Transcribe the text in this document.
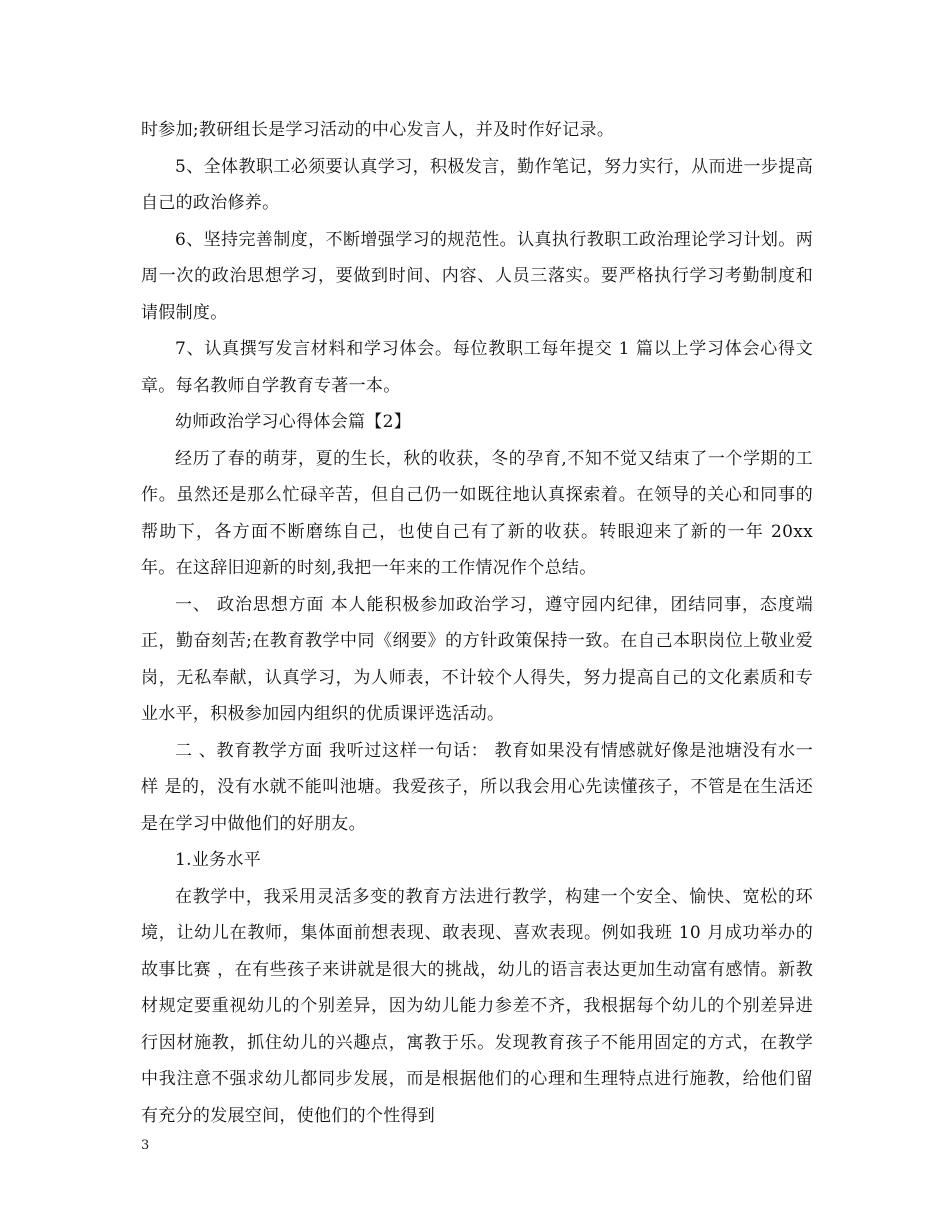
时参加;教研组长是学习活动的中心发言人，并及时作好记录。

5、全体教职工必须要认真学习，积极发言，勤作笔记，努力实行，从而进一步提高自己的政治修养。

6、坚持完善制度，不断增强学习的规范性。认真执行教职工政治理论学习计划。两周一次的政治思想学习，要做到时间、内容、人员三落实。要严格执行学习考勤制度和请假制度。

7、认真撰写发言材料和学习体会。每位教职工每年提交 1 篇以上学习体会心得文章。每名教师自学教育专著一本。

幼师政治学习心得体会篇【2】

经历了春的萌芽，夏的生长，秋的收获，冬的孕育,不知不觉又结束了一个学期的工作。虽然还是那么忙碌辛苦，但自己仍一如既往地认真探索着。在领导的关心和同事的帮助下，各方面不断磨练自己，也使自己有了新的收获。转眼迎来了新的一年 20xx 年。在这辞旧迎新的时刻,我把一年来的工作情况作个总结。

一、 政治思想方面 本人能积极参加政治学习，遵守园内纪律，团结同事，态度端正，勤奋刻苦;在教育教学中同《纲要》的方针政策保持一致。在自己本职岗位上敬业爱岗，无私奉献，认真学习，为人师表，不计较个人得失，努力提高自己的文化素质和专业水平，积极参加园内组织的优质课评选活动。

二 、教育教学方面 我听过这样一句话： 教育如果没有情感就好像是池塘没有水一样 是的，没有水就不能叫池塘。我爱孩子，所以我会用心先读懂孩子，不管是在生活还是在学习中做他们的好朋友。

1.业务水平

在教学中，我采用灵活多变的教育方法进行教学，构建一个安全、愉快、宽松的环境，让幼儿在教师，集体面前想表现、敢表现、喜欢表现。例如我班 10 月成功举办的 故事比赛 ，在有些孩子来讲就是很大的挑战，幼儿的语言表达更加生动富有感情。新教材规定要重视幼儿的个别差异，因为幼儿能力参差不齐，我根据每个幼儿的个别差异进行因材施教，抓住幼儿的兴趣点，寓教于乐。发现教育孩子不能用固定的方式，在教学中我注意不强求幼儿都同步发展，而是根据他们的心理和生理特点进行施教，给他们留有充分的发展空间，使他们的个性得到

3
